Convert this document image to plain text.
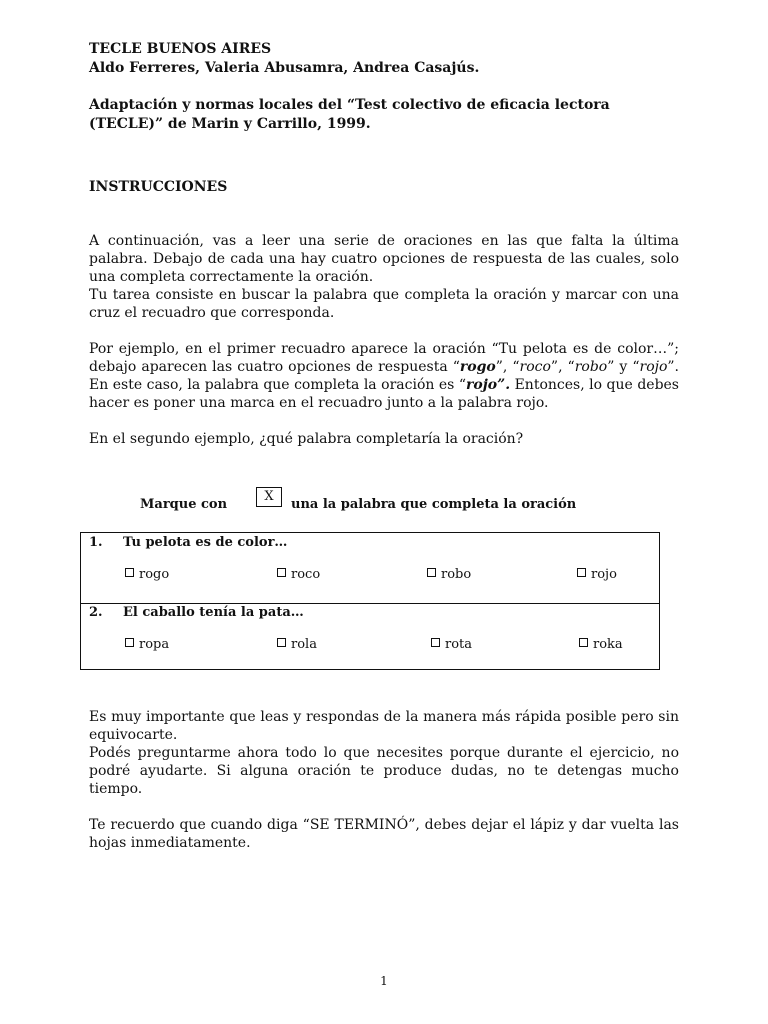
TECLE BUENOS AIRES
Aldo Ferreres, Valeria Abusamra, Andrea Casajús.
Adaptación y normas locales del “Test colectivo de eficacia lectora
(TECLE)” de Marin y Carrillo, 1999.
INSTRUCCIONES

A continuación, vas a leer una serie de oraciones en las que falta la última palabra. Debajo de cada una hay cuatro opciones de respuesta de las cuales, solo una completa correctamente la oración.

Tu tarea consiste en buscar la palabra que completa la oración y marcar con una cruz el recuadro que corresponda.

Por ejemplo, en el primer recuadro aparece la oración “Tu pelota es de color…”; debajo aparecen las cuatro opciones de respuesta “rogo”, “roco”, “robo” y “rojo”. En este caso, la palabra que completa la oración es “rojo”. Entonces, lo que debes hacer es poner una marca en el recuadro junto a la palabra rojo.

En el segundo ejemplo, ¿qué palabra completaría la oración?

Marque con
X
una la palabra que completa la oración
1. Tu pelota es de color…
rogo	roco	robo	rojo
2. El caballo tenía la pata…
ropa	rola	rota	roka

Es muy importante que leas y respondas de la manera más rápida posible pero sin equivocarte.

Podés preguntarme ahora todo lo que necesites porque durante el ejercicio, no podré ayudarte. Si alguna oración te produce dudas, no te detengas mucho tiempo.

Te recuerdo que cuando diga “SE TERMINÓ”, debes dejar el lápiz y dar vuelta las hojas inmediatamente.

1
